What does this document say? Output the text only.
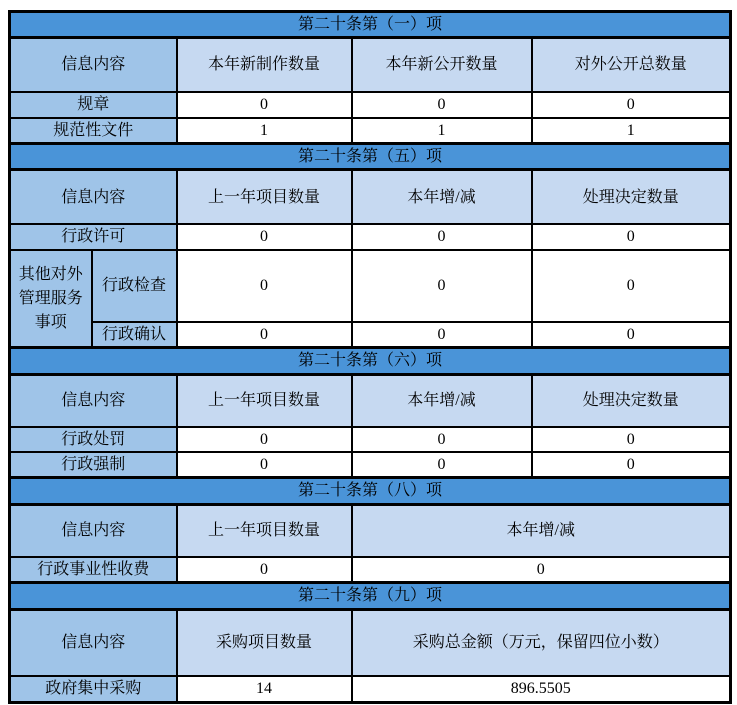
第二十条第（一）项				
信息内容		本年新制作数量	本年新公开数量	对外公开总数量
规章		0	0	0
规范性文件		1	1	1
第二十条第（五）项				
信息内容		上一年项目数量	本年增/减	处理决定数量
行政许可		0	0	0
其他对外管理服务事项	行政检查	0	0	0
	行政确认	0	0	0
第二十条第（六）项				
信息内容		上一年项目数量	本年增/减	处理决定数量
行政处罚		0	0	0
行政强制		0	0	0
第二十条第（八）项				
信息内容		上一年项目数量	本年增/减	
行政事业性收费		0	0	
第二十条第（九）项				
信息内容		采购项目数量	采购总金额（万元，保留四位小数）	
政府集中采购		14	896.5505	
